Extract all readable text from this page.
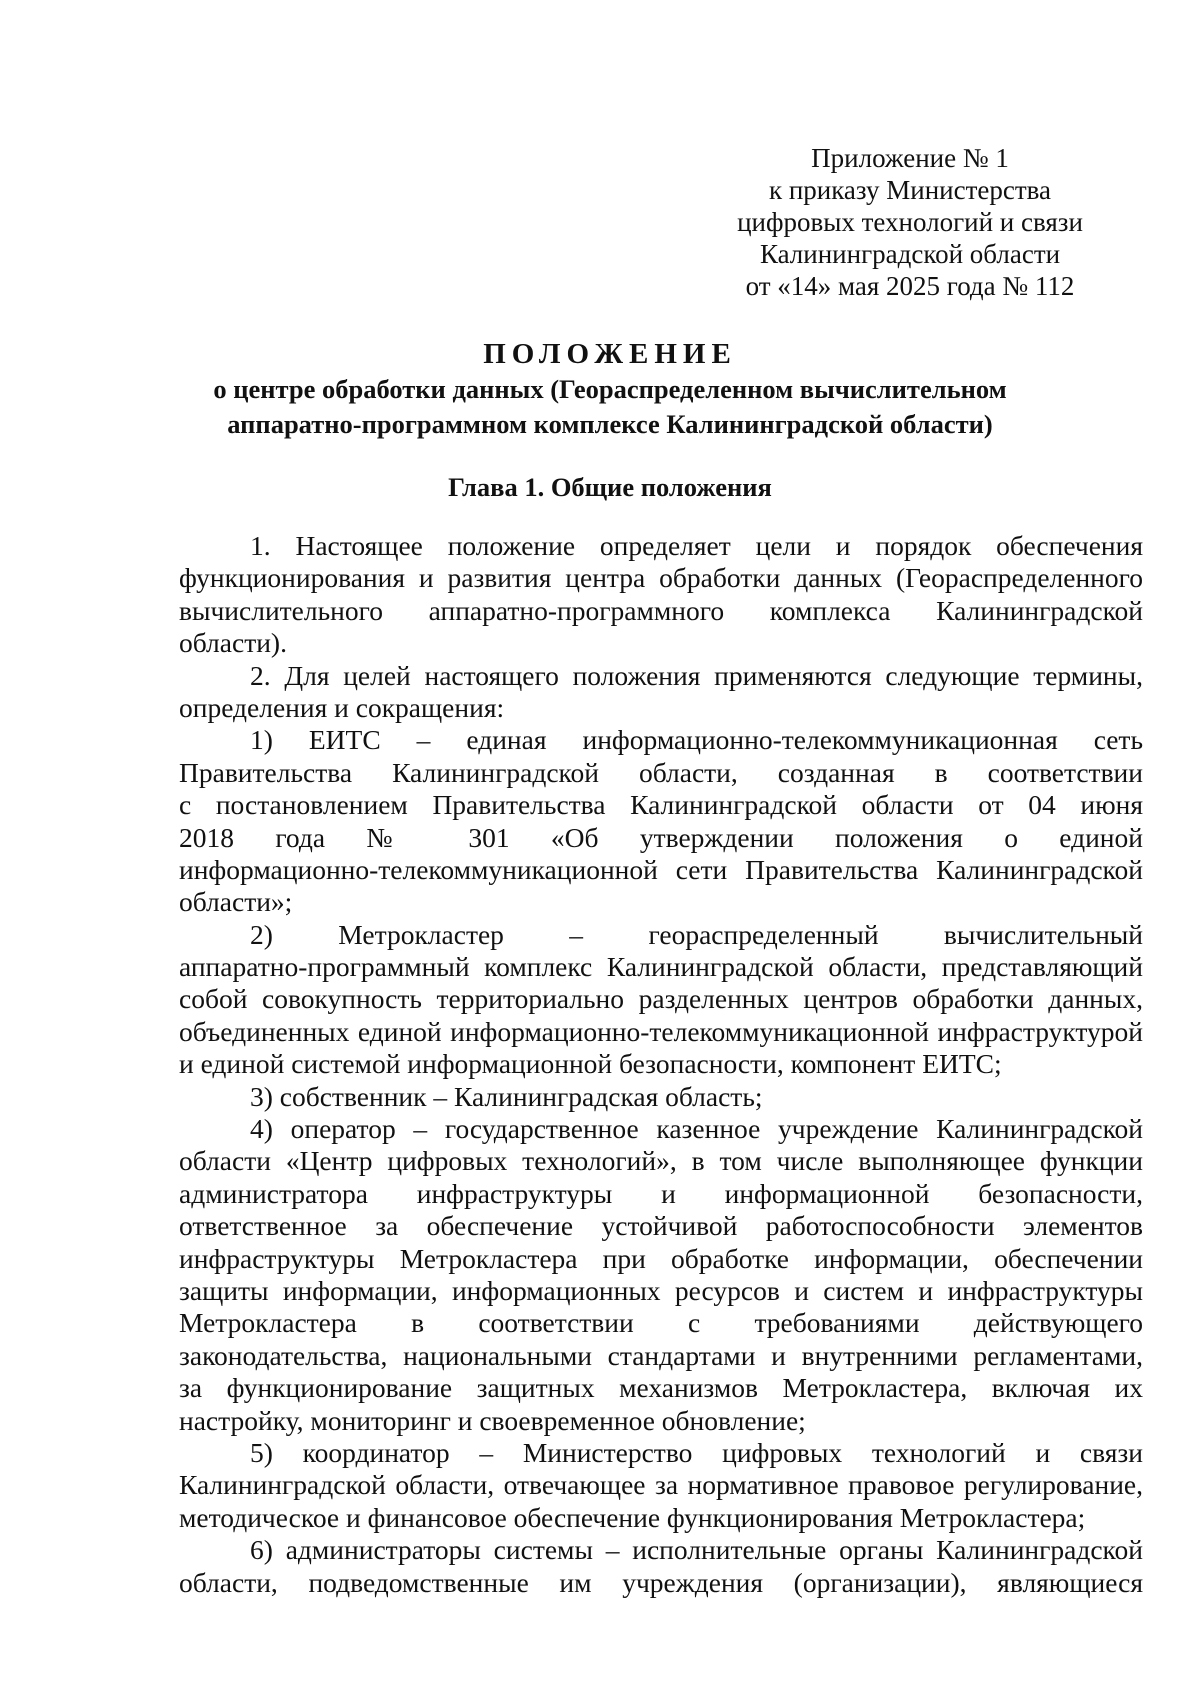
Приложение № 1
к приказу Министерства
цифровых технологий и связи
Калининградской области
от «14» мая 2025 года № 112
ПОЛОЖЕНИЕ
о центре обработки данных (Геораспределенном вычислительном
аппаратно-программном комплексе Калининградской области)
Глава 1. Общие положения
1. Настоящее положение определяет цели и порядок обеспечения
функционирования и развития центра обработки данных (Геораспределенного
вычислительного аппаратно-программного комплекса Калининградской
области).
2. Для целей настоящего положения применяются следующие термины,
определения и сокращения:
1) ЕИТС – единая информационно-телекоммуникационная сеть
Правительства Калининградской области, созданная в соответствии
с постановлением Правительства Калининградской области от 04 июня
2018 года № 301 «Об утверждении положения о единой
информационно-телекоммуникационной сети Правительства Калининградской
области»;
2) Метрокластер – геораспределенный вычислительный
аппаратно-программный комплекс Калининградской области, представляющий
собой совокупность территориально разделенных центров обработки данных,
объединенных единой информационно-телекоммуникационной инфраструктурой
и единой системой информационной безопасности, компонент ЕИТС;
3) собственник – Калининградская область;
4) оператор – государственное казенное учреждение Калининградской
области «Центр цифровых технологий», в том числе выполняющее функции
администратора инфраструктуры и информационной безопасности,
ответственное за обеспечение устойчивой работоспособности элементов
инфраструктуры Метрокластера при обработке информации, обеспечении
защиты информации, информационных ресурсов и систем и инфраструктуры
Метрокластера в соответствии с требованиями действующего
законодательства, национальными стандартами и внутренними регламентами,
за функционирование защитных механизмов Метрокластера, включая их
настройку, мониторинг и своевременное обновление;
5) координатор – Министерство цифровых технологий и связи
Калининградской области, отвечающее за нормативное правовое регулирование,
методическое и финансовое обеспечение функционирования Метрокластера;
6) администраторы системы – исполнительные органы Калининградской
области, подведомственные им учреждения (организации), являющиеся
